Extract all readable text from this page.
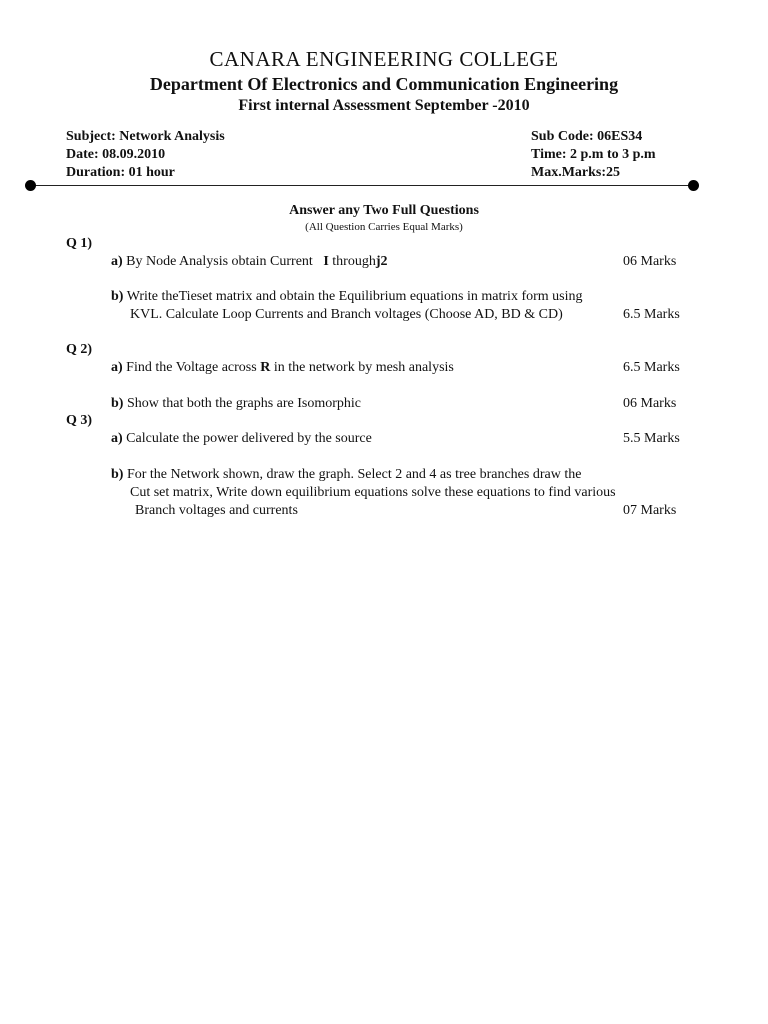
CANARA ENGINEERING COLLEGE
Department Of Electronics and Communication Engineering
First internal Assessment September -2010
Subject: Network Analysis
Date: 08.09.2010
Duration: 01 hour
Sub Code: 06ES34
Time: 2 p.m to 3 p.m
Max.Marks:25
Answer any Two Full Questions
(All Question Carries Equal Marks)
Q 1)
a) By Node Analysis obtain Current I throughj2	06 Marks
b) Write theTieset matrix and obtain the Equilibrium equations in matrix form using
KVL. Calculate Loop Currents and Branch voltages (Choose AD, BD & CD)	6.5 Marks
Q 2)
a) Find the Voltage across R in the network by mesh analysis	6.5 Marks
b) Show that both the graphs are Isomorphic	06 Marks
Q 3)
a) Calculate the power delivered by the source	5.5 Marks
b) For the Network shown, draw the graph. Select 2 and 4 as tree branches draw the
Cut set matrix, Write down equilibrium equations solve these equations to find various
Branch voltages and currents	07 Marks
